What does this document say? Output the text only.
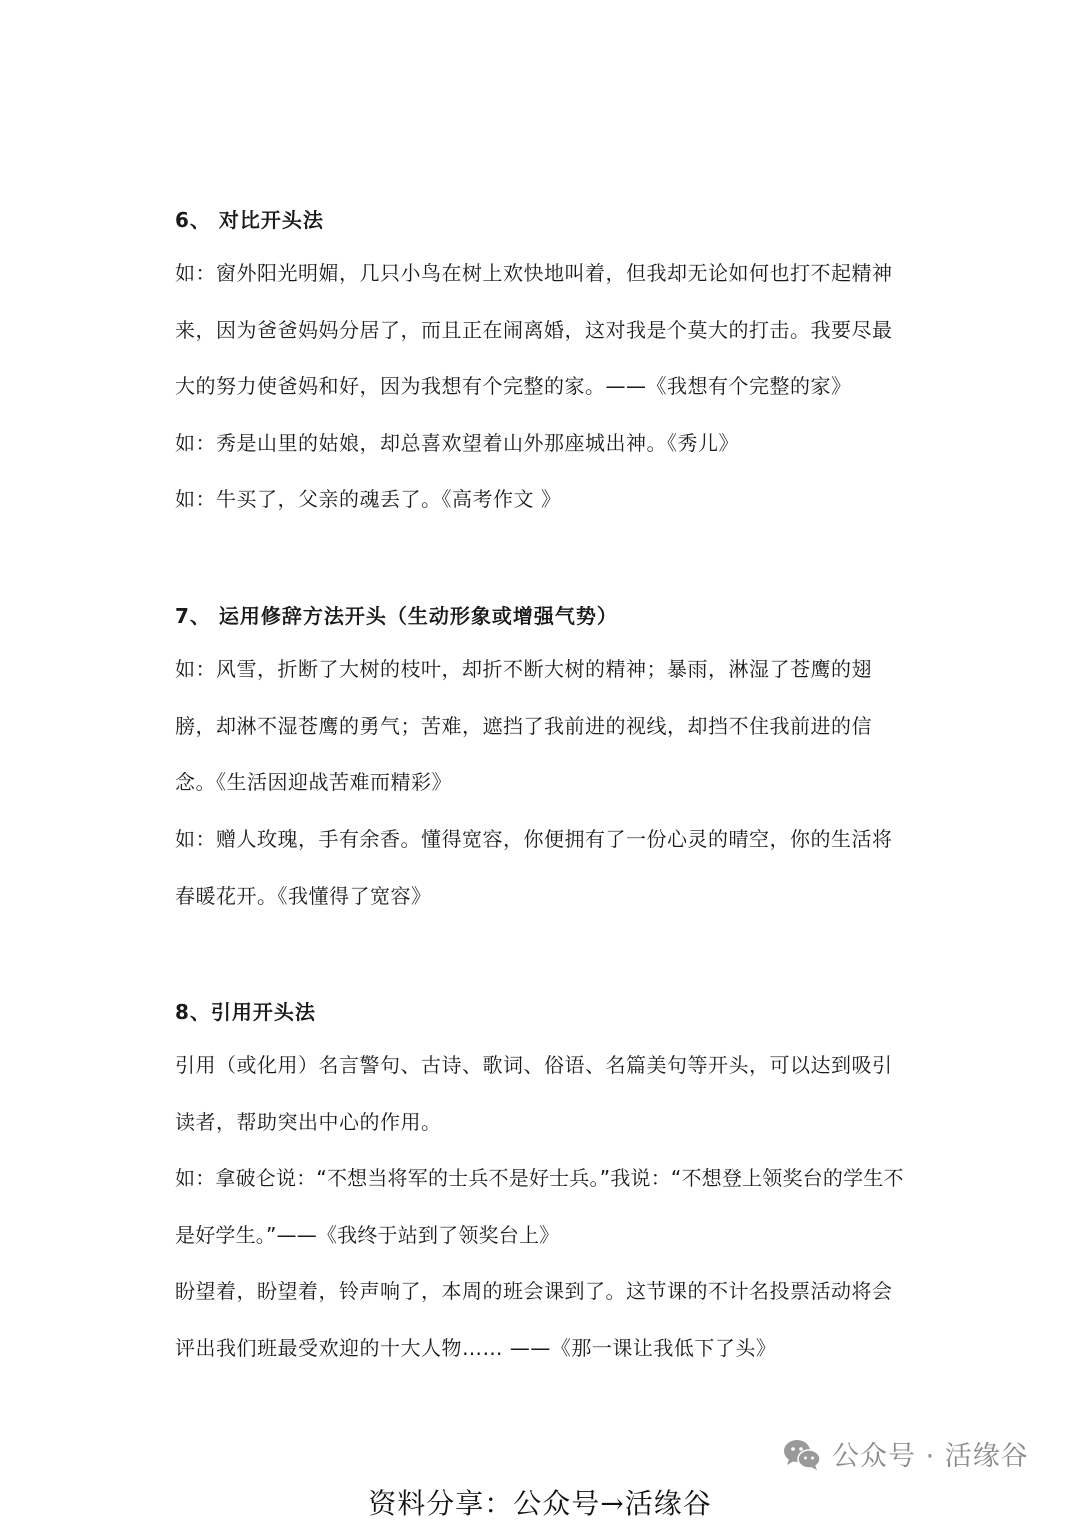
6、 对比开头法
如：窗外阳光明媚，几只小鸟在树上欢快地叫着，但我却无论如何也打不起精神来，因为爸爸妈妈分居了，而且正在闹离婚，这对我是个莫大的打击。我要尽最大的努力使爸妈和好，因为我想有个完整的家。——《我想有个完整的家》
如：秀是山里的姑娘，却总喜欢望着山外那座城出神。《秀儿》
如：牛买了，父亲的魂丢了。《高考作文 》
7、 运用修辞方法开头（生动形象或增强气势）
如：风雪，折断了大树的枝叶，却折不断大树的精神；暴雨，淋湿了苍鹰的翅膀，却淋不湿苍鹰的勇气；苦难，遮挡了我前进的视线，却挡不住我前进的信念。《生活因迎战苦难而精彩》
如：赠人玫瑰，手有余香。懂得宽容，你便拥有了一份心灵的晴空，你的生活将春暖花开。《我懂得了宽容》
8、引用开头法
引用（或化用）名言警句、古诗、歌词、俗语、名篇美句等开头，可以达到吸引读者，帮助突出中心的作用。
如：拿破仑说：“不想当将军的士兵不是好士兵。”我说：“不想登上领奖台的学生不是好学生。”——《我终于站到了领奖台上》
盼望着，盼望着，铃声响了，本周的班会课到了。这节课的不计名投票活动将会评出我们班最受欢迎的十大人物…… ——《那一课让我低下了头》
公众号 · 活缘谷
资料分享：公众号→活缘谷
